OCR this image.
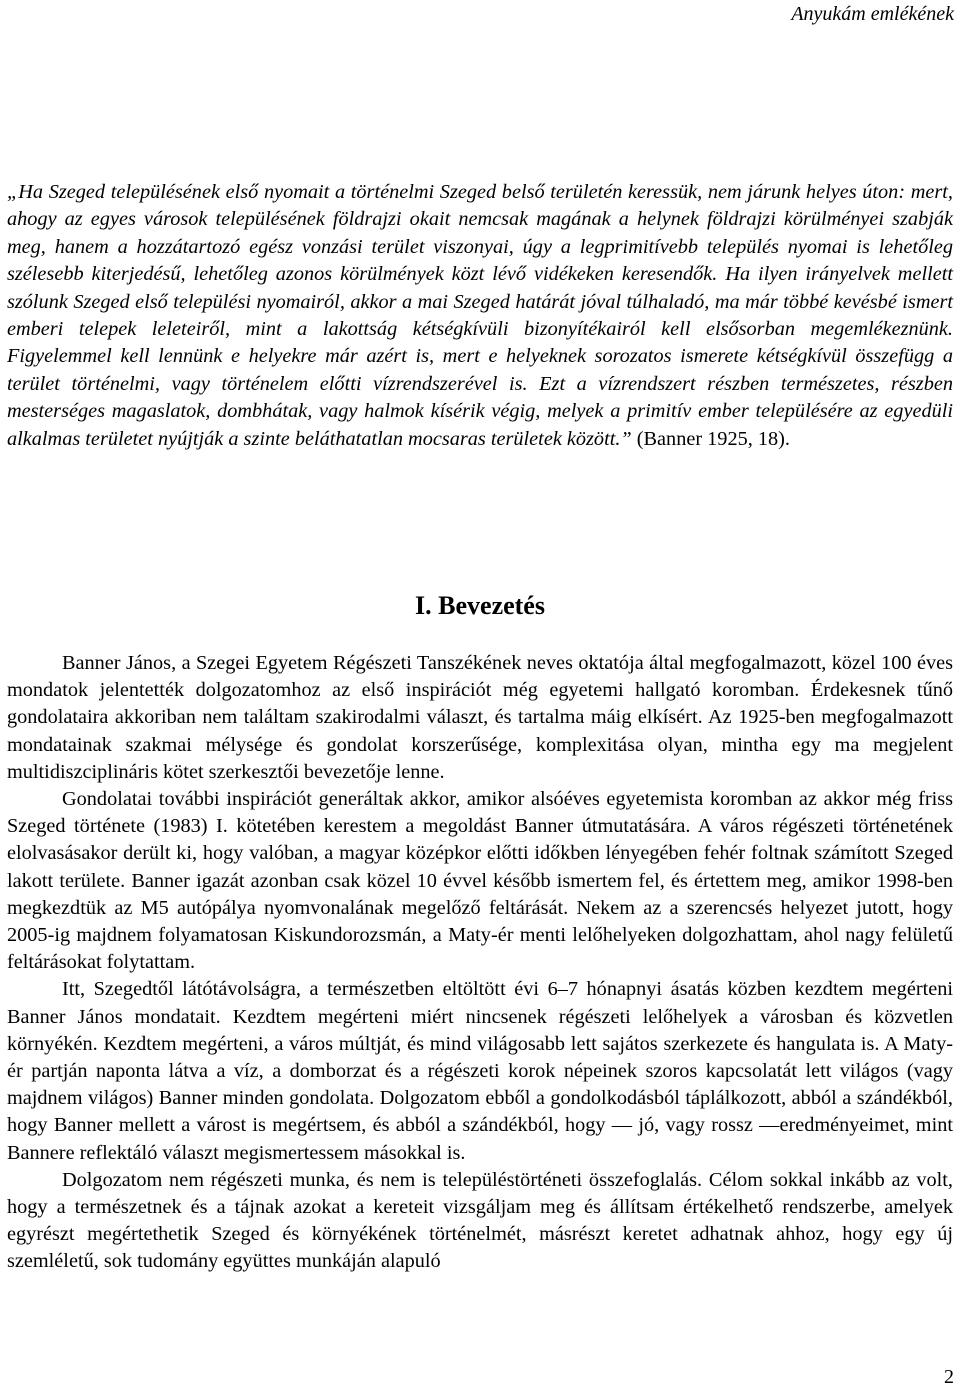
Anyukám emlékének

„Ha Szeged településének első nyomait a történelmi Szeged belső területén keressük, nem járunk helyes úton: mert, ahogy az egyes városok településének földrajzi okait nemcsak magának a helynek földrajzi körülményei szabják meg, hanem a hozzátartozó egész vonzási terület viszonyai, úgy a legprimitívebb település nyomai is lehetőleg szélesebb kiterjedésű, lehetőleg azonos körülmények közt lévő vidékeken keresendők. Ha ilyen irányelvek mellett szólunk Szeged első települési nyomairól, akkor a mai Szeged határát jóval túlhaladó, ma már többé kevésbé ismert emberi telepek leleteiről, mint a lakottság kétségkívüli bizonyítékairól kell elsősorban megemlékeznünk. Figyelemmel kell lennünk e helyekre már azért is, mert e helyeknek sorozatos ismerete kétségkívül összefügg a terület történelmi, vagy történelem előtti vízrendszerével is. Ezt a vízrendszert részben természetes, részben mesterséges magaslatok, dombhátak, vagy halmok kísérik végig, melyek a primitív ember településére az egyedüli alkalmas területet nyújtják a szinte beláthatatlan mocsaras területek között.” (Banner 1925, 18).

I. Bevezetés

Banner János, a Szegei Egyetem Régészeti Tanszékének neves oktatója által megfogalmazott, közel 100 éves mondatok jelentették dolgozatomhoz az első inspirációt még egyetemi hallgató koromban. Érdekesnek tűnő gondolataira akkoriban nem találtam szakirodalmi választ, és tartalma máig elkísért. Az 1925-ben megfogalmazott mondatainak szakmai mélysége és gondolat korszerűsége, komplexitása olyan, mintha egy ma megjelent multidiszciplináris kötet szerkesztői bevezetője lenne.

Gondolatai további inspirációt generáltak akkor, amikor alsóéves egyetemista koromban az akkor még friss Szeged története (1983) I. kötetében kerestem a megoldást Banner útmutatására. A város régészeti történetének elolvasásakor derült ki, hogy valóban, a magyar középkor előtti időkben lényegében fehér foltnak számított Szeged lakott területe. Banner igazát azonban csak közel 10 évvel később ismertem fel, és értettem meg, amikor 1998-ben megkezdtük az M5 autópálya nyomvonalának megelőző feltárását. Nekem az a szerencsés helyezet jutott, hogy 2005-ig majdnem folyamatosan Kiskundorozsmán, a Maty-ér menti lelőhelyeken dolgozhattam, ahol nagy felületű feltárásokat folytattam.

Itt, Szegedtől látótávolságra, a természetben eltöltött évi 6–7 hónapnyi ásatás közben kezdtem megérteni Banner János mondatait. Kezdtem megérteni miért nincsenek régészeti lelőhelyek a városban és közvetlen környékén. Kezdtem megérteni, a város múltját, és mind világosabb lett sajátos szerkezete és hangulata is. A Maty-ér partján naponta látva a víz, a domborzat és a régészeti korok népeinek szoros kapcsolatát lett világos (vagy majdnem világos) Banner minden gondolata. Dolgozatom ebből a gondolkodásból táplálkozott, abból a szándékból, hogy Banner mellett a várost is megértsem, és abból a szándékból, hogy — jó, vagy rossz —eredményeimet, mint Bannere reflektáló választ megismertessem másokkal is.

Dolgozatom nem régészeti munka, és nem is településtörténeti összefoglalás. Célom sokkal inkább az volt, hogy a természetnek és a tájnak azokat a kereteit vizsgáljam meg és állítsam értékelhető rendszerbe, amelyek egyrészt megértethetik Szeged és környékének történelmét, másrészt keretet adhatnak ahhoz, hogy egy új szemléletű, sok tudomány együttes munkáján alapuló

2
